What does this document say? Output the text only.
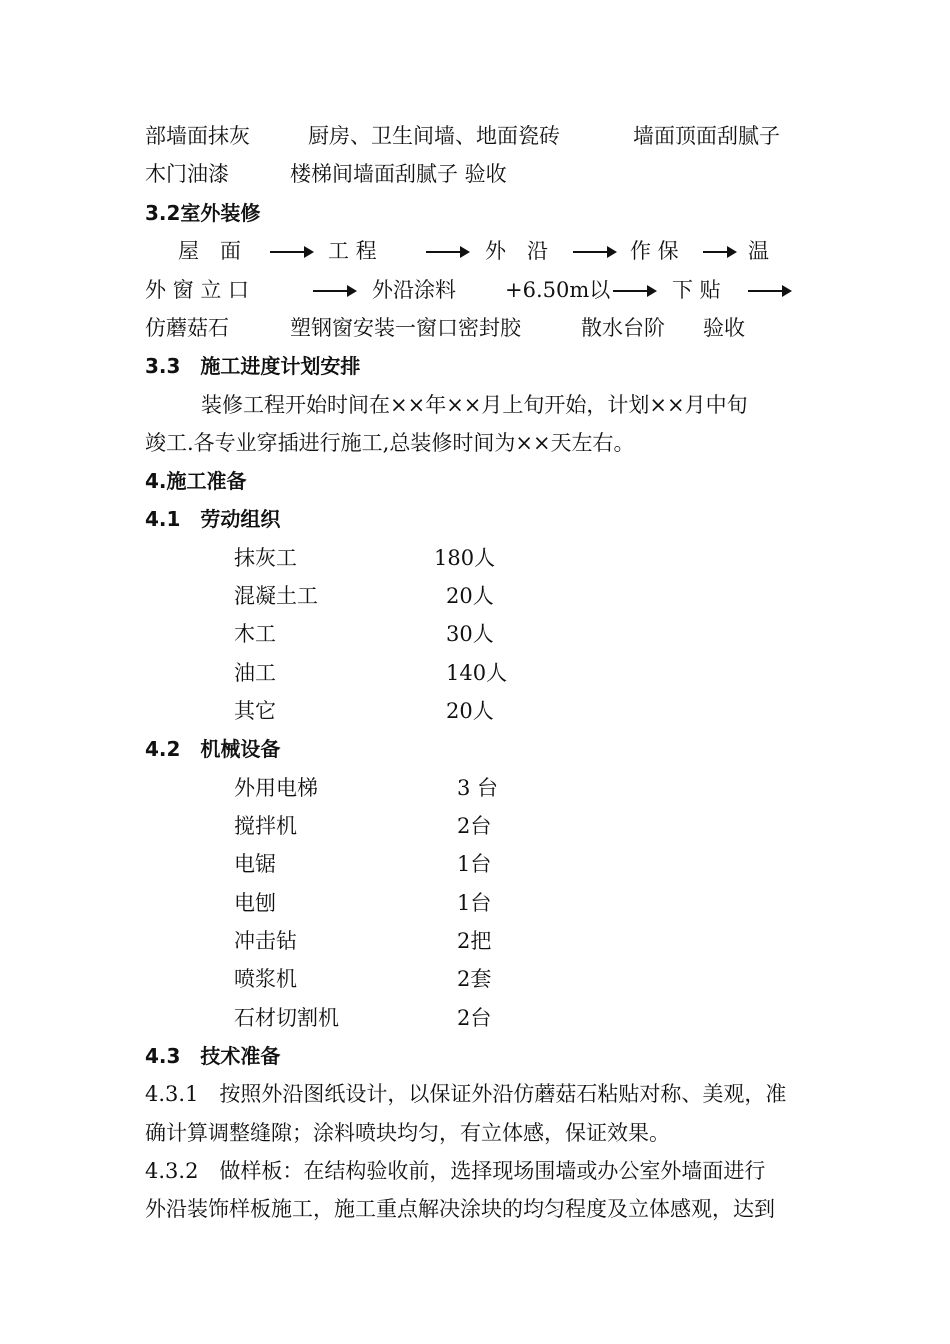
部墙面抹灰	厨房、卫生间墙、地面瓷砖	墙面顶面刮腻子
木门油漆	楼梯间墙面刮腻子 验收
3.2室外装修
屋　面	工 程	外　沿	作 保	温
外 窗 立 口	外沿涂料 +6.50m以	下 贴
仿蘑菇石	塑钢窗安装一窗口密封胶	散水台阶 验收
3.3　施工进度计划安排
装修工程开始时间在××年××月上旬开始，计划××月中旬
竣工.各专业穿插进行施工,总装修时间为××天左右。
4.施工准备
4.1　劳动组织
抹灰工	180人
混凝土工	20人
木工	30人
油工	140人
其它	20人
4.2　机械设备
外用电梯	3 台
搅拌机	2台
电锯	1台
电刨	1台
冲击钻	2把
喷浆机	2套
石材切割机	2台
4.3　技术准备
4.3.1　按照外沿图纸设计，以保证外沿仿蘑菇石粘贴对称、美观，准
确计算调整缝隙；涂料喷块均匀，有立体感，保证效果。
4.3.2　做样板：在结构验收前，选择现场围墙或办公室外墙面进行
外沿装饰样板施工，施工重点解决涂块的均匀程度及立体感观，达到
